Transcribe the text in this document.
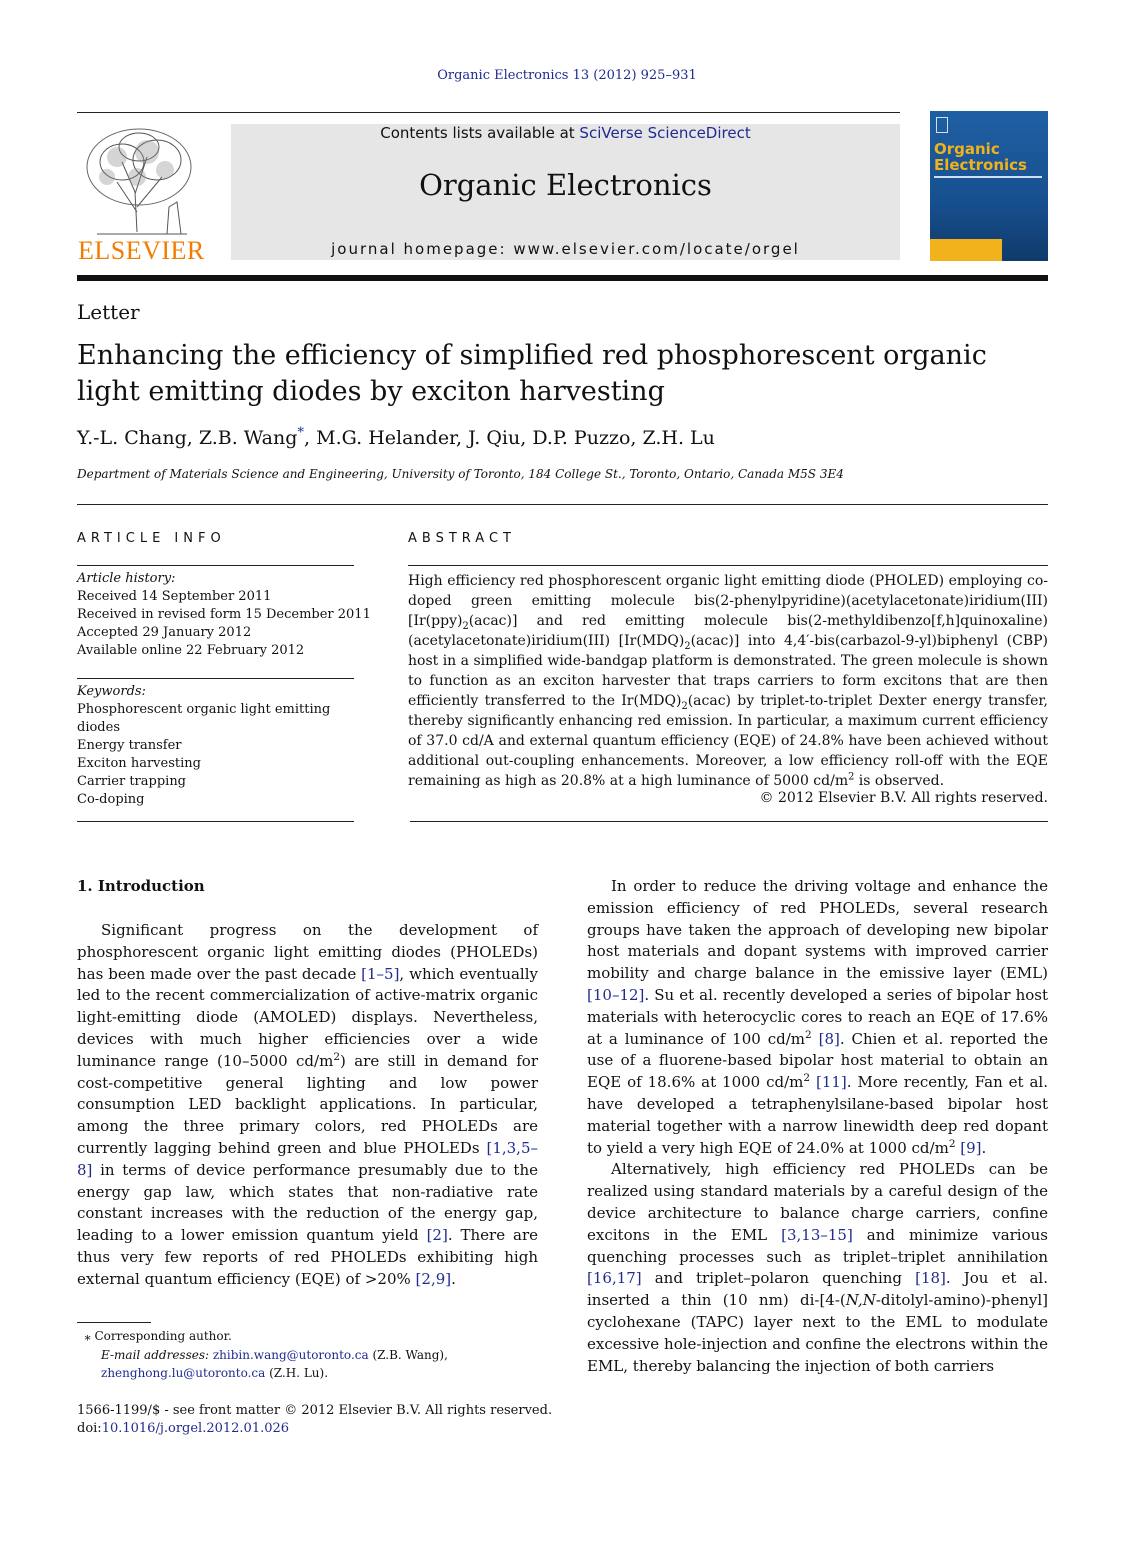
Organic Electronics 13 (2012) 925–931
ELSEVIER
Contents lists available at SciVerse ScienceDirect
Organic Electronics
journal homepage: www.elsevier.com/locate/orgel
Organic
Electronics
Letter
Enhancing the efficiency of simplified red phosphorescent organic light emitting diodes by exciton harvesting
Y.-L. Chang, Z.B. Wang*, M.G. Helander, J. Qiu, D.P. Puzzo, Z.H. Lu
Department of Materials Science and Engineering, University of Toronto, 184 College St., Toronto, Ontario, Canada M5S 3E4
ARTICLE INFO
Article history:
Received 14 September 2011
Received in revised form 15 December 2011
Accepted 29 January 2012
Available online 22 February 2012
Keywords:
Phosphorescent organic light emitting
diodes
Energy transfer
Exciton harvesting
Carrier trapping
Co-doping
ABSTRACT
High efficiency red phosphorescent organic light emitting diode (PHOLED) employing co-doped green emitting molecule bis(2-phenylpyridine)(acetylacetonate)iridium(III) $[Ir(ppy)_2(acac)]$ and red emitting molecule bis(2-methyldibenzo[f,h]quinoxaline)(acetylacetonate)iridium(III) $[Ir(MDQ)_2(acac)]$ into 4,4′-bis(carbazol-9-yl)biphenyl (CBP) host in a simplified wide-bandgap platform is demonstrated. The green molecule is shown to function as an exciton harvester that traps carriers to form excitons that are then efficiently transferred to the $Ir(MDQ)_2(acac)$ by triplet-to-triplet Dexter energy transfer, thereby significantly enhancing red emission. In particular, a maximum current efficiency of 37.0 cd/A and external quantum efficiency (EQE) of 24.8% have been achieved without additional out-coupling enhancements. Moreover, a low efficiency roll-off with the EQE remaining as high as 20.8% at a high luminance of 5000 $cd/m^2$ is observed.
© 2012 Elsevier B.V. All rights reserved.
1. Introduction

Significant progress on the development of phosphorescent organic light emitting diodes (PHOLEDs) has been made over the past decade [1–5], which eventually led to the recent commercialization of active-matrix organic light-emitting diode (AMOLED) displays. Nevertheless, devices with much higher efficiencies over a wide luminance range (10–5000 $cd/m^2$) are still in demand for cost-competitive general lighting and low power consumption LED backlight applications. In particular, among the three primary colors, red PHOLEDs are currently lagging behind green and blue PHOLEDs [1,3,5–8] in terms of device performance presumably due to the energy gap law, which states that non-radiative rate constant increases with the reduction of the energy gap, leading to a lower emission quantum yield [2]. There are thus very few reports of red PHOLEDs exhibiting high external quantum efficiency (EQE) of >20% [2,9].

In order to reduce the driving voltage and enhance the emission efficiency of red PHOLEDs, several research groups have taken the approach of developing new bipolar host materials and dopant systems with improved carrier mobility and charge balance in the emissive layer (EML) [10–12]. Su et al. recently developed a series of bipolar host materials with heterocyclic cores to reach an EQE of 17.6% at a luminance of 100 $cd/m^2$ [8]. Chien et al. reported the use of a fluorene-based bipolar host material to obtain an EQE of 18.6% at 1000 $cd/m^2$ [11]. More recently, Fan et al. have developed a tetraphenylsilane-based bipolar host material together with a narrow linewidth deep red dopant to yield a very high EQE of 24.0% at 1000 $cd/m^2$ [9].

Alternatively, high efficiency red PHOLEDs can be realized using standard materials by a careful design of the device architecture to balance charge carriers, confine excitons in the EML [3,13–15] and minimize various quenching processes such as triplet–triplet annihilation [16,17] and triplet–polaron quenching [18]. Jou et al. inserted a thin (10 nm) di-[4-(N,N-ditolyl-amino)-phenyl] cyclohexane (TAPC) layer next to the EML to modulate excessive hole-injection and confine the electrons within the EML, thereby balancing the injection of both carriers

⁎ Corresponding author.
E-mail addresses: zhibin.wang@utoronto.ca (Z.B. Wang), zhenghong.lu@utoronto.ca (Z.H. Lu).
1566-1199/$ - see front matter © 2012 Elsevier B.V. All rights reserved.
doi:10.1016/j.orgel.2012.01.026
